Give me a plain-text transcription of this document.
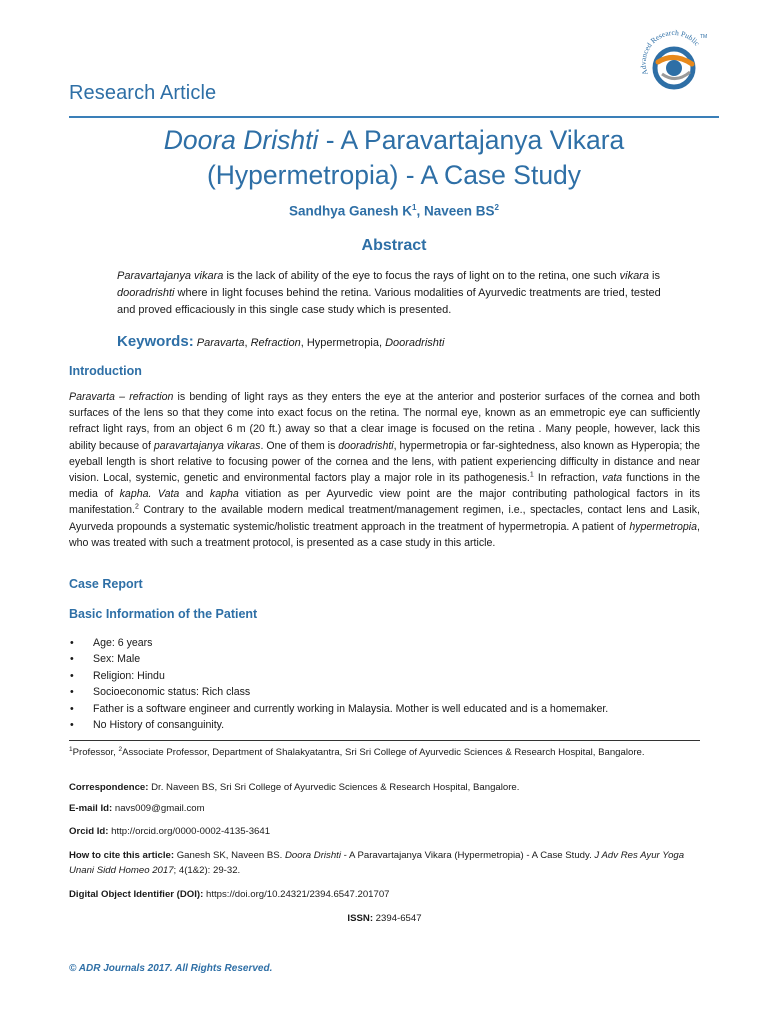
Advanced Research Public
TM
Research Article
Doora Drishti - A Paravartajanya Vikara
(Hypermetropia) - A Case Study
Sandhya Ganesh $K^1$, Naveen $BS^2$
Abstract
Paravartajanya vikara is the lack of ability of the eye to focus the rays of light on to the retina, one such vikara is dooradrishti where in light focuses behind the retina. Various modalities of Ayurvedic treatments are tried, tested and proved efficaciously in this single case study which is presented.
Keywords: Paravarta, Refraction, Hypermetropia, Dooradrishti
Introduction
Paravarta – refraction is bending of light rays as they enters the eye at the anterior and posterior surfaces of the cornea and both surfaces of the lens so that they come into exact focus on the retina. The normal eye, known as an emmetropic eye can sufficiently refract light rays, from an object 6 m (20 ft.) away so that a clear image is focused on the retina . Many people, however, lack this ability because of paravartajanya vikaras. One of them is dooradrishti, hypermetropia or far-sightedness, also known as Hyperopia; the eyeball length is short relative to focusing power of the cornea and the lens, with patient experiencing difficulty in distance and near vision. Local, systemic, genetic and environmental factors play a major role in its pathogenesis.$^1$ In refraction, vata functions in the media of kapha. Vata and kapha vitiation as per Ayurvedic view point are the major contributing pathological factors in its manifestation.$^2$ Contrary to the available modern medical treatment/management regimen, i.e., spectacles, contact lens and Lasik, Ayurveda propounds a systematic systemic/holistic treatment approach in the treatment of hypermetropia. A patient of hypermetropia, who was treated with such a treatment protocol, is presented as a case study in this article.
Case Report
Basic Information of the Patient
• Age: 6 years
• Sex: Male
• Religion: Hindu
• Socioeconomic status: Rich class
• Father is a software engineer and currently working in Malaysia. Mother is well educated and is a homemaker.
• No History of consanguinity.
$^1$Professor, $^2$Associate Professor, Department of Shalakyatantra, Sri Sri College of Ayurvedic Sciences & Research Hospital, Bangalore.
Correspondence: Dr. Naveen BS, Sri Sri College of Ayurvedic Sciences & Research Hospital, Bangalore.
E-mail Id: navs009@gmail.com
Orcid Id: http://orcid.org/0000-0002-4135-3641
How to cite this article: Ganesh SK, Naveen BS. Doora Drishti - A Paravartajanya Vikara (Hypermetropia) - A Case Study. J Adv Res Ayur Yoga Unani Sidd Homeo 2017; 4(1&2): 29-32.
Digital Object Identifier (DOI): https://doi.org/10.24321/2394.6547.201707
ISSN: 2394-6547
© ADR Journals 2017. All Rights Reserved.
